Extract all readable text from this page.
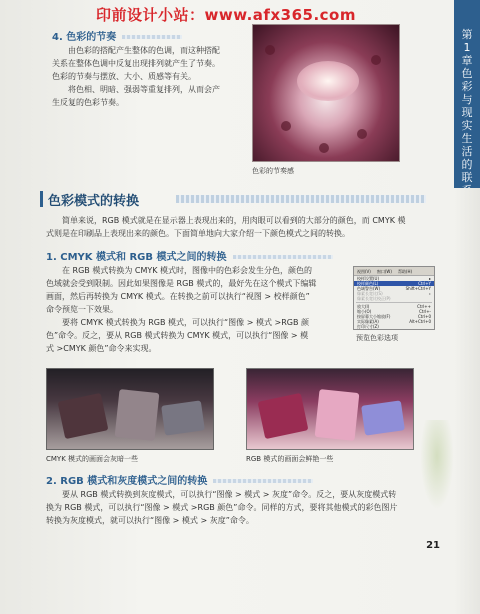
印前设计小站：www.afx365.com
第
1
章
色
彩
与
现
实
生
活
的
联
4. 色彩的节奏
由色彩的搭配产生整体的色调，而这种搭配
关系在整体色调中反复出现排列就产生了节奏。
色彩的节奏与摆放、大小、质感等有关。
将色相、明暗、强弱等重复排列，从而会产
生反复的色彩节奏。
色彩的节奏感
色彩模式的转换
简单来说，RGB 模式就是在显示器上表现出来的，用肉眼可以看到的大部分的颜色，而 CMYK 模
式则是在印刷品上表现出来的颜色。下面简单地向大家介绍一下颜色模式之间的转换。
1. CMYK 模式和 RGB 模式之间的转换
在 RGB 模式转换为 CMYK 模式时，图像中的色彩会发生分色，颜色的
色域就会受到限制。因此如果图像是 RGB 模式的，最好先在这个模式下编辑
画面，然后再转换为 CMYK 模式。在转换之前可以执行“视图 > 校样颜色”
命令预览一下效果。
要将 CMYK 模式转换为 RGB 模式，可以执行“图像 > 模式 >RGB 颜
色”命令。反之，要从 RGB 模式转换为 CMYK 模式，可以执行“图像 > 模
式 >CMYK 颜色”命令来实现。
视图(V) 窗口(W) 帮助(H)
校样设置(U)	▸
校样颜色(L)	Ctrl+Y
色域警告(W)	Shift+Ctrl+Y
像素长宽比(S)	▸
像素长宽比校正(P)
放大(I)	Ctrl++
缩小(O)	Ctrl+-
按屏幕大小缩放(F)	Ctrl+0
实际像素(A)	Alt+Ctrl+0
打印尺寸(Z)
预览色彩选项
CMYK 模式的画面会灰暗一些	RGB 模式的画面会鲜艳一些
2. RGB 模式和灰度模式之间的转换
要从 RGB 模式转换到灰度模式，可以执行“图像 > 模式 > 灰度”命令。反之，要从灰度模式转
换为 RGB 模式，可以执行“图像 > 模式 >RGB 颜色”命令。同样的方式，要将其他模式的彩色图片
转换为灰度模式，就可以执行“图像 > 模式 > 灰度”命令。
21
